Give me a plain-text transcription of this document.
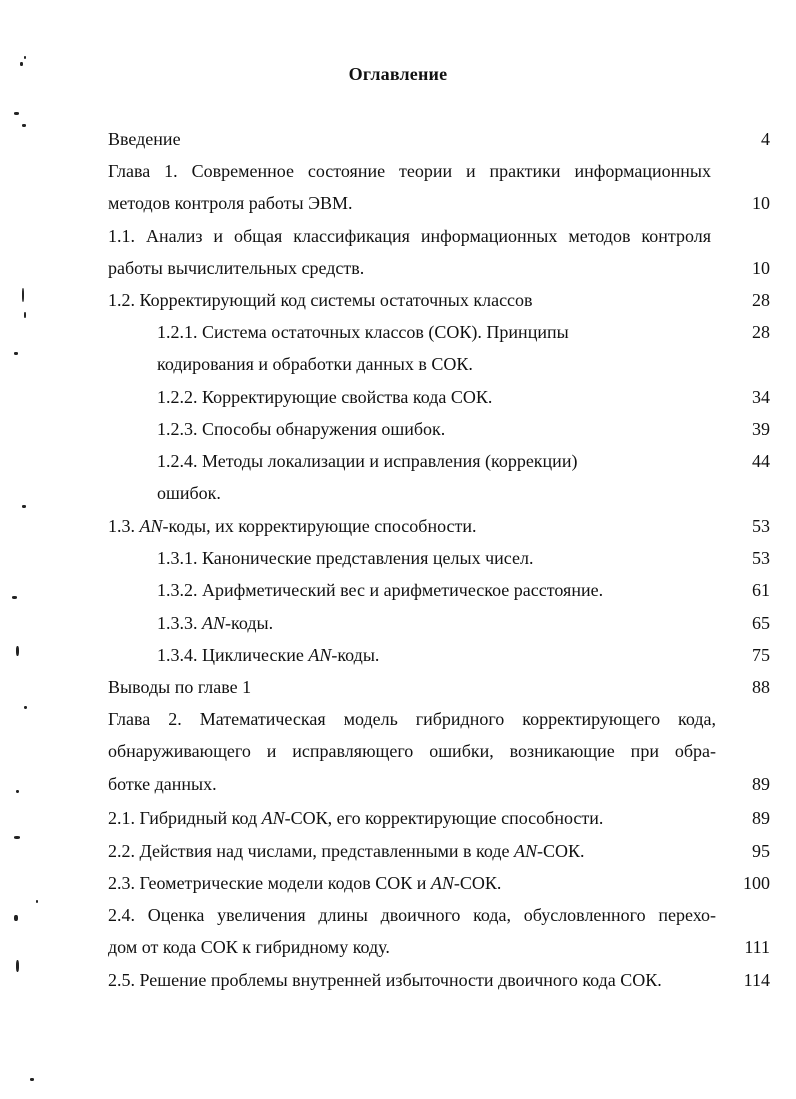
Оглавление
Введение	4
Глава 1. Современное состояние теории и практики информационных
методов контроля работы ЭВМ.	10
1.1. Анализ и общая классификация информационных методов контроля
работы вычислительных средств.	10
1.2. Корректирующий код системы остаточных классов	28
1.2.1. Система остаточных классов (СОК). Принципы	28
кодирования и обработки данных в СОК.
1.2.2. Корректирующие свойства кода СОК.	34
1.2.3. Способы обнаружения ошибок.	39
1.2.4. Методы локализации и исправления (коррекции)	44
ошибок.
1.3. AN-коды, их корректирующие способности.	53
1.3.1. Канонические представления целых чисел.	53
1.3.2. Арифметический вес и арифметическое расстояние.	61
1.3.3. AN-коды.	65
1.3.4. Циклические AN-коды.	75
Выводы по главе 1	88
Глава 2. Математическая модель гибридного корректирующего кода,
обнаруживающего и исправляющего ошибки, возникающие при обра-
ботке данных.	89
2.1. Гибридный код AN-СОК, его корректирующие способности.	89
2.2. Действия над числами, представленными в коде AN-СОК.	95
2.3. Геометрические модели кодов СОК и AN-СОК.	100
2.4. Оценка увеличения длины двоичного кода, обусловленного перехо-
дом от кода СОК к гибридному коду.	111
2.5. Решение проблемы внутренней избыточности двоичного кода СОК.	114
